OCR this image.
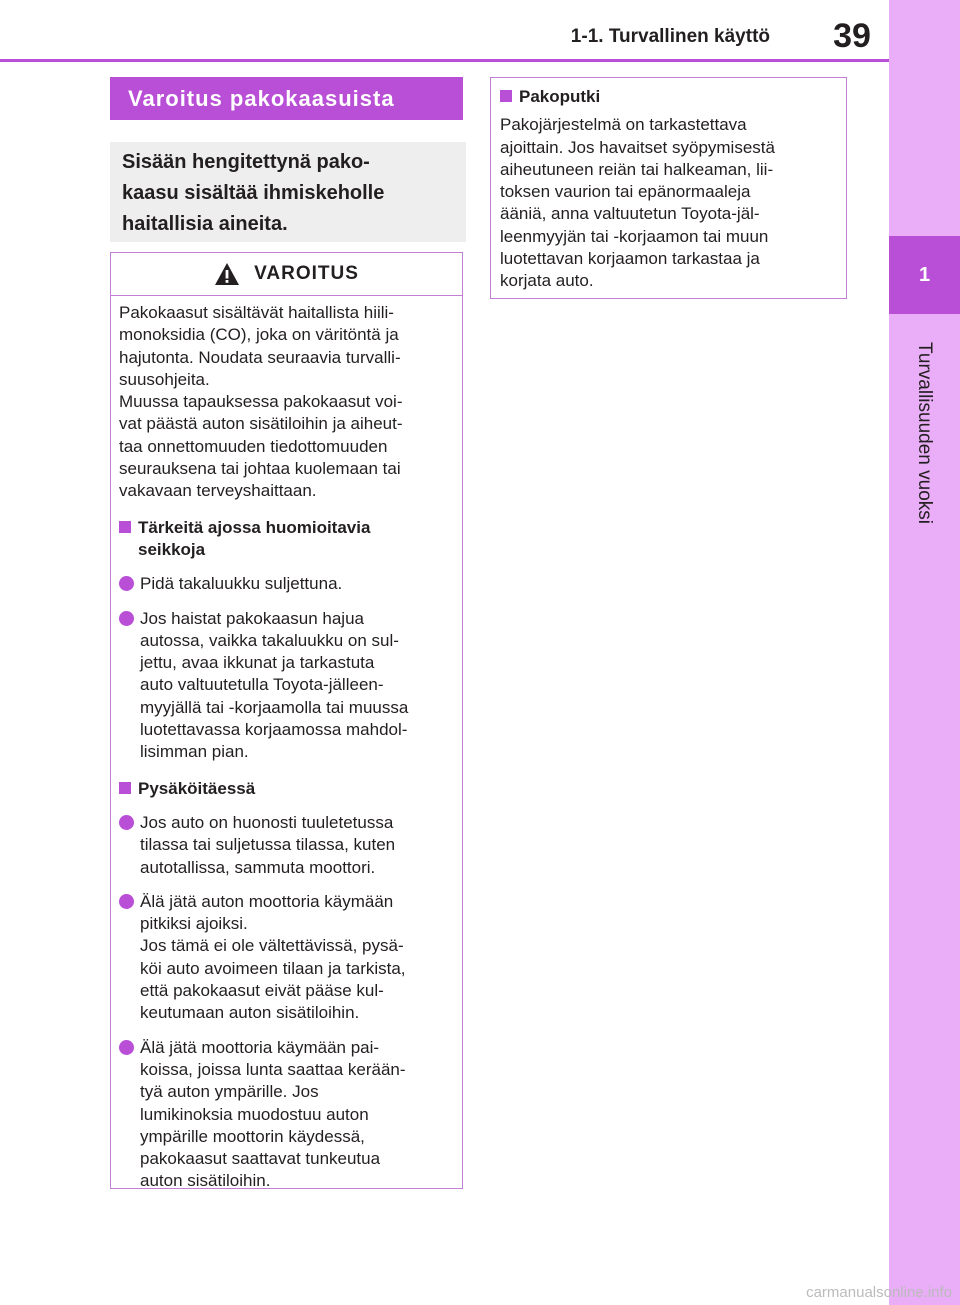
1-1. Turvallinen käyttö	39
1
Turvallisuuden vuoksi
Varoitus pakokaasuista
Sisään hengitettynä pako-
kaasu sisältää ihmiskeholle
haitallisia aineita.
VAROITUS
Pakokaasut sisältävät haitallista hiili-
monoksidia (CO), joka on väritöntä ja
hajutonta. Noudata seuraavia turvalli-
suusohjeita.
Muussa tapauksessa pakokaasut voi-
vat päästä auton sisätiloihin ja aiheut-
taa onnettomuuden tiedottomuuden
seurauksena tai johtaa kuolemaan tai
vakavaan terveyshaittaan.
Tärkeitä ajossa huomioitavia
seikkoja
Pidä takaluukku suljettuna.
Jos haistat pakokaasun hajua
autossa, vaikka takaluukku on sul-
jettu, avaa ikkunat ja tarkastuta
auto valtuutetulla Toyota-jälleen-
myyjällä tai -korjaamolla tai muussa
luotettavassa korjaamossa mahdol-
lisimman pian.
Pysäköitäessä
Jos auto on huonosti tuuletetussa
tilassa tai suljetussa tilassa, kuten
autotallissa, sammuta moottori.
Älä jätä auton moottoria käymään
pitkiksi ajoiksi.
Jos tämä ei ole vältettävissä, pysä-
köi auto avoimeen tilaan ja tarkista,
että pakokaasut eivät pääse kul-
keutumaan auton sisätiloihin.
Älä jätä moottoria käymään pai-
koissa, joissa lunta saattaa kerään-
tyä auton ympärille. Jos
lumikinoksia muodostuu auton
ympärille moottorin käydessä,
pakokaasut saattavat tunkeutua
auton sisätiloihin.
Pakoputki
Pakojärjestelmä on tarkastettava
ajoittain. Jos havaitset syöpymisestä
aiheutuneen reiän tai halkeaman, lii-
toksen vaurion tai epänormaaleja
ääniä, anna valtuutetun Toyota-jäl-
leenmyyjän tai -korjaamon tai muun
luotettavan korjaamon tarkastaa ja
korjata auto.
carmanualsonline.info
